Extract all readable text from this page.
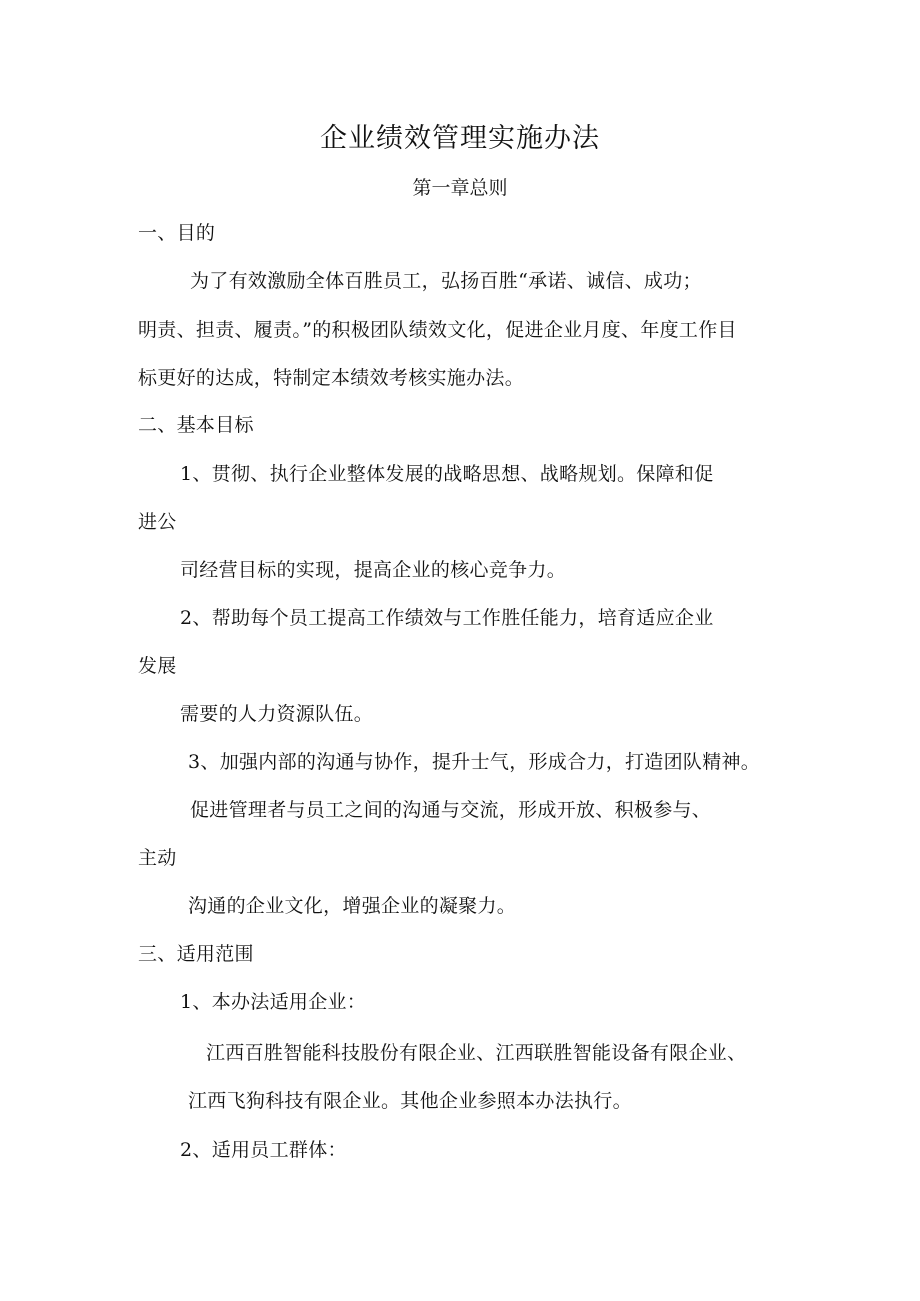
企业绩效管理实施办法
第一章总则
一、目的
为了有效激励全体百胜员工，弘扬百胜“承诺、诚信、成功；
明责、担责、履责。”的积极团队绩效文化，促进企业月度、年度工作目
标更好的达成，特制定本绩效考核实施办法。
二、基本目标
1、贯彻、执行企业整体发展的战略思想、战略规划。保障和促
进公
司经营目标的实现，提高企业的核心竞争力。
2、帮助每个员工提高工作绩效与工作胜任能力，培育适应企业
发展
需要的人力资源队伍。
3、加强内部的沟通与协作，提升士气，形成合力，打造团队精神。
促进管理者与员工之间的沟通与交流，形成开放、积极参与、
主动
沟通的企业文化，增强企业的凝聚力。
三、适用范围
1、本办法适用企业：
江西百胜智能科技股份有限企业、江西联胜智能设备有限企业、
江西飞狗科技有限企业。其他企业参照本办法执行。
2、适用员工群体：
